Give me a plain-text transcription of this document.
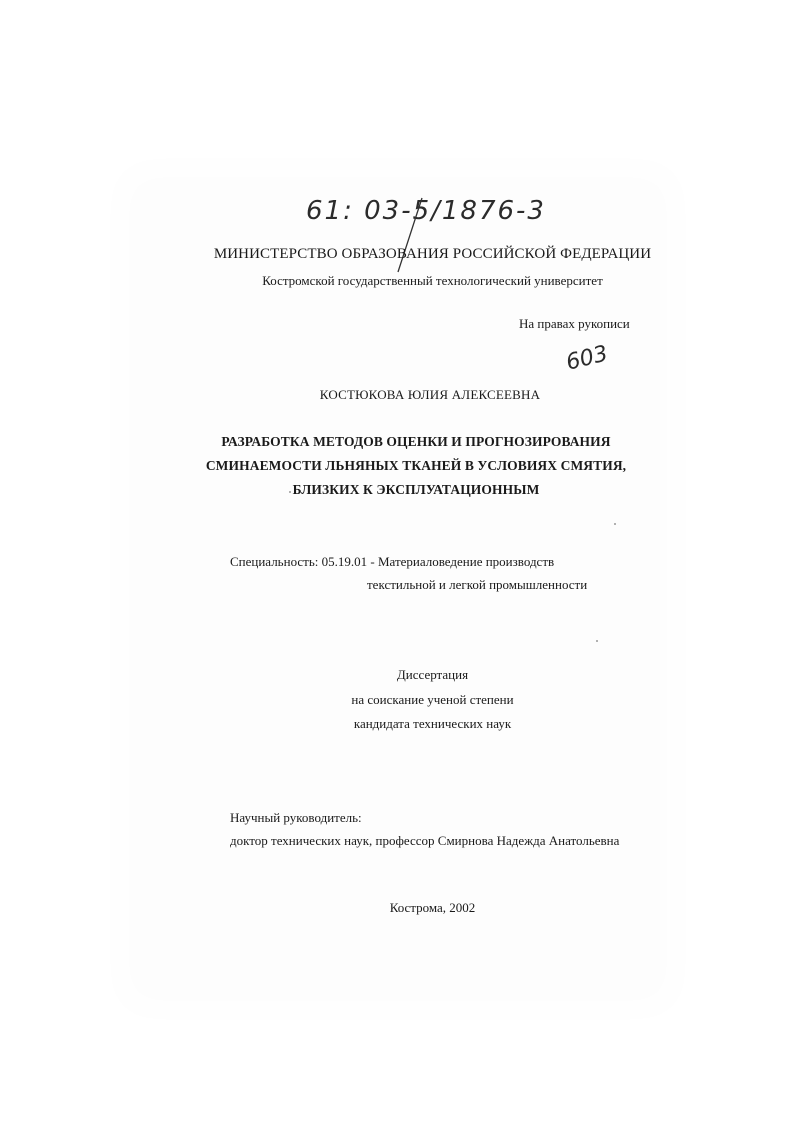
61: 03-5/1876-3
МИНИСТЕРСТВО ОБРАЗОВАНИЯ РОССИЙСКОЙ ФЕДЕРАЦИИ
Костромской государственный технологический университет
На правах рукописи
603
КОСТЮКОВА ЮЛИЯ АЛЕКСЕЕВНА
РАЗРАБОТКА МЕТОДОВ ОЦЕНКИ И ПРОГНОЗИРОВАНИЯ
СМИНАЕМОСТИ ЛЬНЯНЫХ ТКАНЕЙ В УСЛОВИЯХ СМЯТИЯ,
БЛИЗКИХ К ЭКСПЛУАТАЦИОННЫМ
Специальность: 05.19.01 - Материаловедение производств
текстильной и легкой промышленности
Диссертация
на соискание ученой степени
кандидата технических наук
Научный руководитель:
доктор технических наук, профессор Смирнова Надежда Анатольевна
Кострома, 2002
